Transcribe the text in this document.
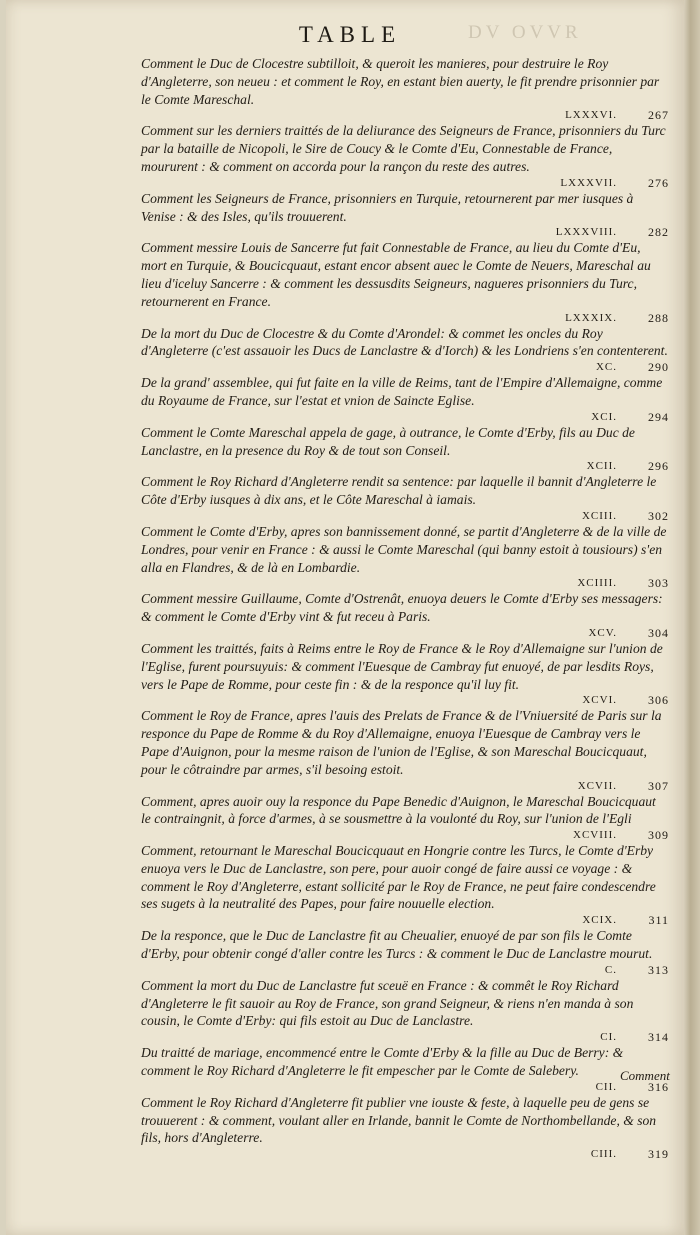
DV OVVR
TABLE
Comment le Duc de Clocestre subtilloit, & queroit les manieres, pour destruire le Roy d'Angleterre, son neueu : et comment le Roy, en estant bien auerty, le fit prendre prisonnier par le Comte Mareschal.
LXXXVI.	267
Comment sur les derniers traittés de la deliurance des Seigneurs de France, prisonniers du Turc par la bataille de Nicopoli, le Sire de Coucy & le Comte d'Eu, Connestable de France, moururent : & comment on accorda pour la rançon du reste des autres.
LXXXVII.	276
Comment les Seigneurs de France, prisonniers en Turquie, retournerent par mer iusques à Venise : & des Isles, qu'ils trouuerent.
LXXXVIII.	282
Comment messire Louis de Sancerre fut fait Connestable de France, au lieu du Comte d'Eu, mort en Turquie, & Boucicquaut, estant encor absent auec le Comte de Neuers, Mareschal au lieu d'iceluy Sancerre : & comment les dessusdits Seigneurs, nagueres prisonniers du Turc, retournerent en France.
LXXXIX.	288
De la mort du Duc de Clocestre & du Comte d'Arondel: & commet les oncles du Roy d'Angleterre (c'est assauoir les Ducs de Lanclastre & d'Iorch) & les Londriens s'en contenterent.
XC.	290
De la grand' assemblee, qui fut faite en la ville de Reims, tant de l'Empire d'Allemaigne, comme du Royaume de France, sur l'estat et vnion de Saincte Eglise.
XCI.	294
Comment le Comte Mareschal appela de gage, à outrance, le Comte d'Erby, fils au Duc de Lanclastre, en la presence du Roy & de tout son Conseil.
XCII.	296
Comment le Roy Richard d'Angleterre rendit sa sentence: par laquelle il bannit d'Angleterre le Côte d'Erby iusques à dix ans, et le Côte Mareschal à iamais.
XCIII.	302
Comment le Comte d'Erby, apres son bannissement donné, se partit d'Angleterre & de la ville de Londres, pour venir en France : & aussi le Comte Mareschal (qui banny estoit à tousiours) s'en alla en Flandres, & de là en Lombardie.
XCIIII.	303
Comment messire Guillaume, Comte d'Ostrenât, enuoya deuers le Comte d'Erby ses messagers: & comment le Comte d'Erby vint & fut receu à Paris.
XCV.	304
Comment les traittés, faits à Reims entre le Roy de France & le Roy d'Allemaigne sur l'union de l'Eglise, furent poursuyuis: & comment l'Euesque de Cambray fut enuoyé, de par lesdits Roys, vers le Pape de Romme, pour ceste fin : & de la responce qu'il luy fit.
XCVI.	306
Comment le Roy de France, apres l'auis des Prelats de France & de l'Vniuersité de Paris sur la responce du Pape de Romme & du Roy d'Allemaigne, enuoya l'Euesque de Cambray vers le Pape d'Auignon, pour la mesme raison de l'union de l'Eglise, & son Mareschal Boucicquaut, pour le côtraindre par armes, s'il besoing estoit.
XCVII.	307
Comment, apres auoir ouy la responce du Pape Benedic d'Auignon, le Mareschal Boucicquaut le contraingnit, à force d'armes, à se sousmettre à la voulonté du Roy, sur l'union de l'Egli
XCVIII.	309
Comment, retournant le Mareschal Boucicquaut en Hongrie contre les Turcs, le Comte d'Erby enuoya vers le Duc de Lanclastre, son pere, pour auoir congé de faire aussi ce voyage : & comment le Roy d'Angleterre, estant sollicité par le Roy de France, ne peut faire condescendre ses sugets à la neutralité des Papes, pour faire nouuelle election.
XCIX.	311
De la responce, que le Duc de Lanclastre fit au Cheualier, enuoyé de par son fils le Comte d'Erby, pour obtenir congé d'aller contre les Turcs : & comment le Duc de Lanclastre mourut.
C.	313
Comment la mort du Duc de Lanclastre fut sceuë en France : & commêt le Roy Richard d'Angleterre le fit sauoir au Roy de France, son grand Seigneur, & riens n'en manda à son cousin, le Comte d'Erby: qui fils estoit au Duc de Lanclastre.
CI.	314
Du traitté de mariage, encommencé entre le Comte d'Erby & la fille au Duc de Berry: & comment le Roy Richard d'Angleterre le fit empescher par le Comte de Salebery.
CII.	316
Comment le Roy Richard d'Angleterre fit publier vne iouste & feste, à laquelle peu de gens se trouuerent : & comment, voulant aller en Irlande, bannit le Comte de Northombellande, & son fils, hors d'Angleterre.
CIII.	319
Comment
